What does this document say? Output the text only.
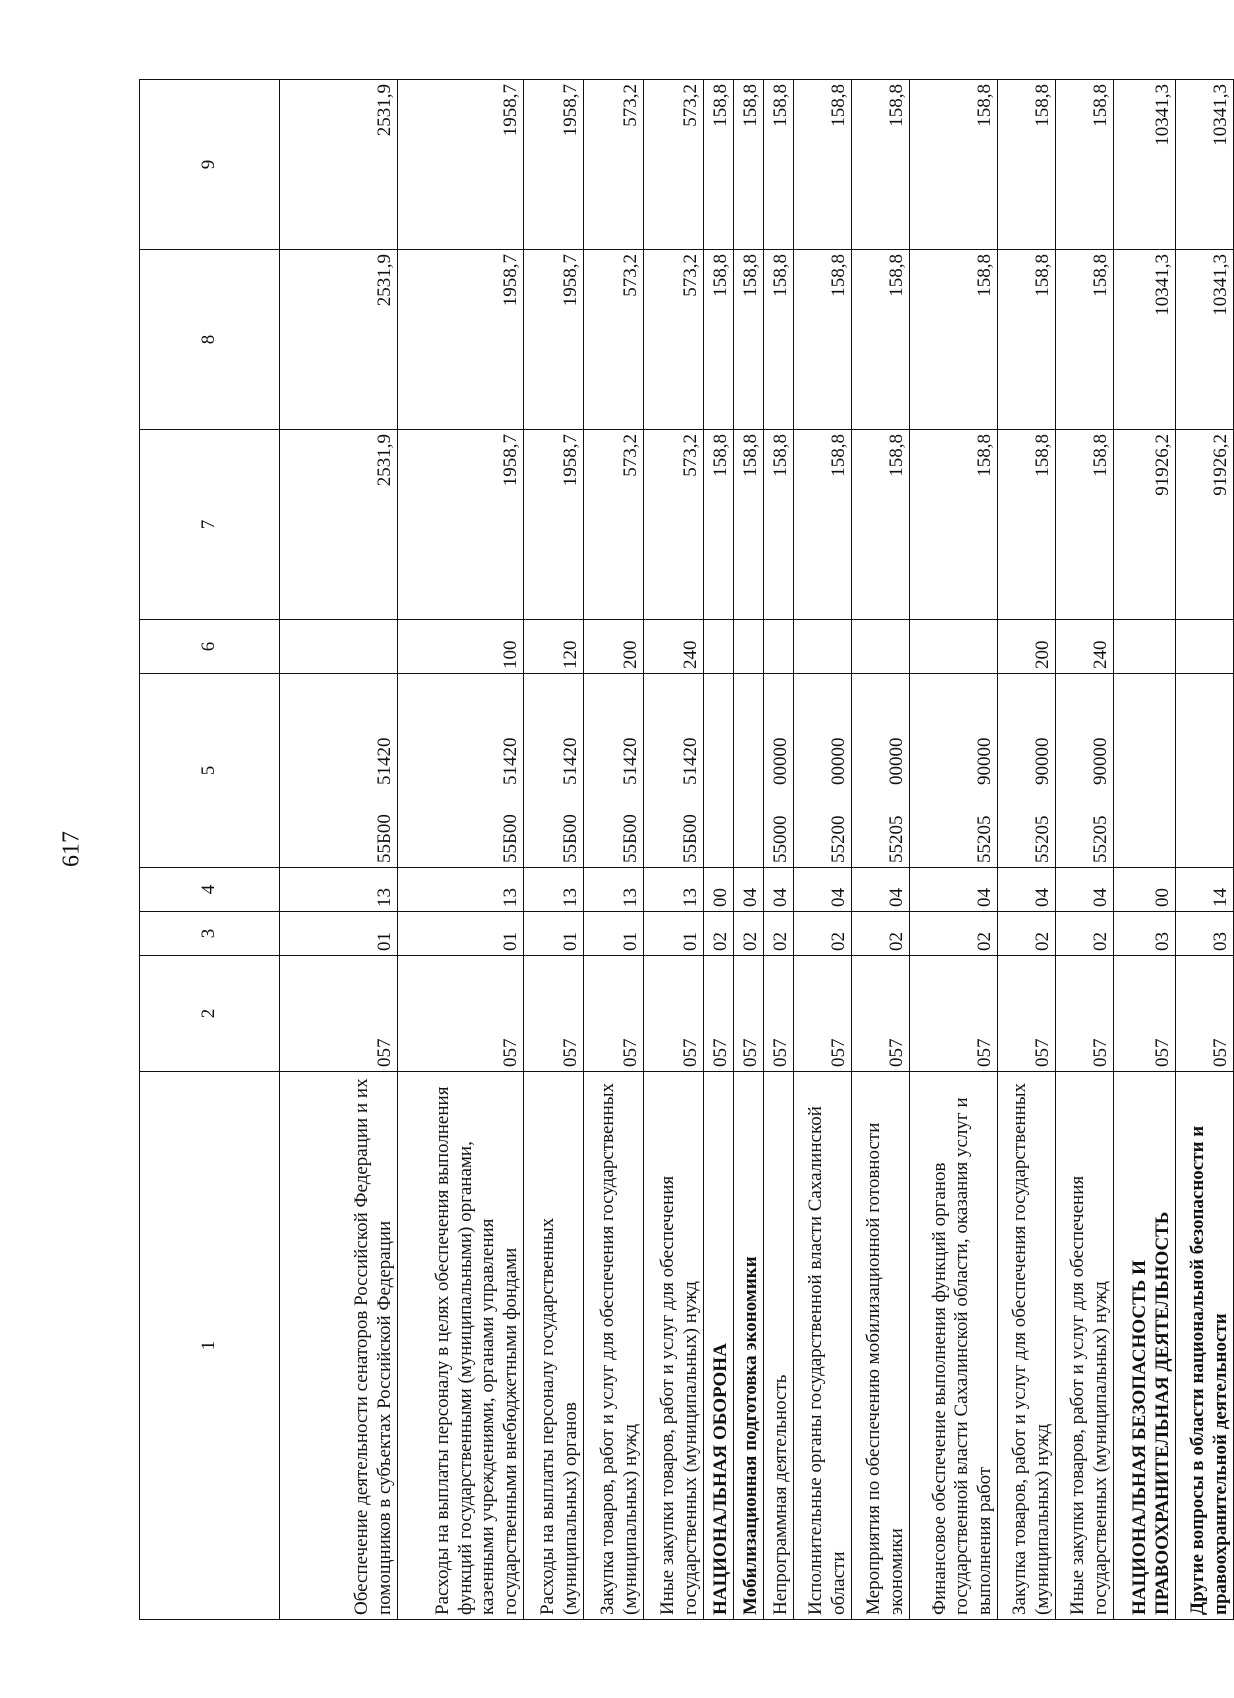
617
1	2	3	4	5	6	7	8	9
Обеспечение деятельности сенаторов Российской Федерации и их помощников в субъектах Российской Федерации	057	01	13	55Б0051420		2531,9	2531,9	2531,9
Расходы на выплаты персоналу в целях обеспечения выполнения функций государственными (муниципальными) органами, казенными учреждениями, органами управления государственными внебюджетными фондами	057	01	13	55Б0051420	100	1958,7	1958,7	1958,7
Расходы на выплаты персоналу государственных (муниципальных) органов	057	01	13	55Б0051420	120	1958,7	1958,7	1958,7
Закупка товаров, работ и услуг для обеспечения государственных (муниципальных) нужд	057	01	13	55Б0051420	200	573,2	573,2	573,2
Иные закупки товаров, работ и услуг для обеспечения государственных (муниципальных) нужд	057	01	13	55Б0051420	240	573,2	573,2	573,2
НАЦИОНАЛЬНАЯ ОБОРОНА	057	02	00			158,8	158,8	158,8
Мобилизационная подготовка экономики	057	02	04			158,8	158,8	158,8
Непрограммная деятельность	057	02	04	5500000000		158,8	158,8	158,8
Исполнительные органы государственной власти Сахалинской области	057	02	04	5520000000		158,8	158,8	158,8
Мероприятия по обеспечению мобилизационной готовности экономики	057	02	04	5520500000		158,8	158,8	158,8
Финансовое обеспечение выполнения функций органов государственной власти Сахалинской области, оказания услуг и выполнения работ	057	02	04	5520590000		158,8	158,8	158,8
Закупка товаров, работ и услуг для обеспечения государственных (муниципальных) нужд	057	02	04	5520590000	200	158,8	158,8	158,8
Иные закупки товаров, работ и услуг для обеспечения государственных (муниципальных) нужд	057	02	04	5520590000	240	158,8	158,8	158,8
НАЦИОНАЛЬНАЯ БЕЗОПАСНОСТЬ И ПРАВООХРАНИТЕЛЬНАЯ ДЕЯТЕЛЬНОСТЬ	057	03	00			91926,2	10341,3	10341,3
Другие вопросы в области национальной безопасности и правоохранительной деятельности	057	03	14			91926,2	10341,3	10341,3
